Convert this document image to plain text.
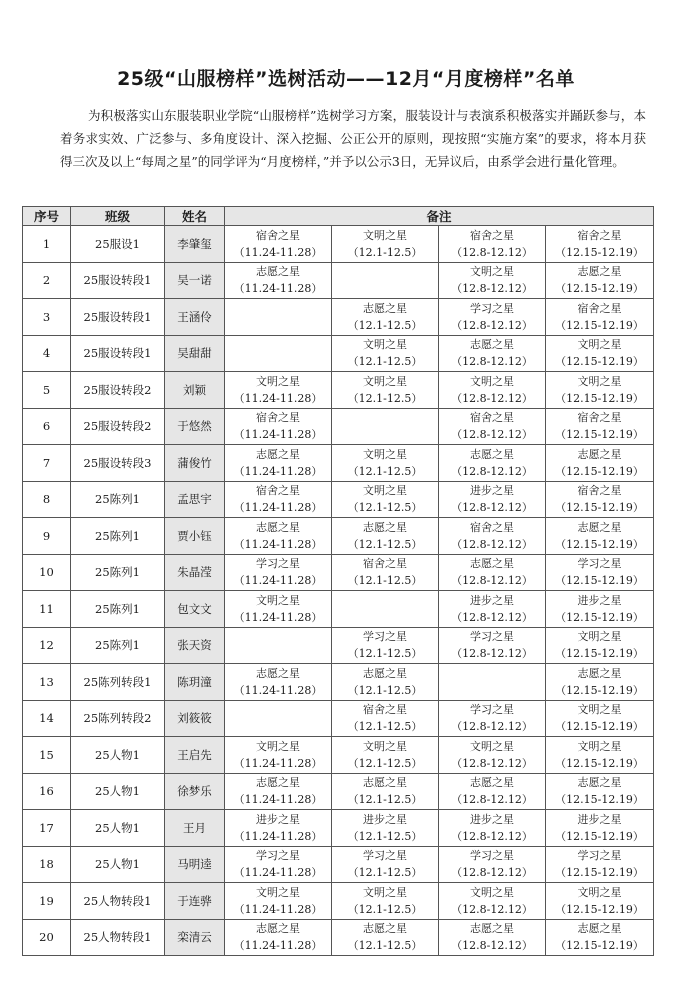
25级“山服榜样”选树活动——12月“月度榜样”名单

为积极落实山东服装职业学院“山服榜样”选树学习方案，服装设计与表演系积极落实并踊跃参与，本着务求实效、广泛参与、多角度设计、深入挖掘、公正公开的原则，现按照“实施方案”的要求，将本月获得三次及以上“每周之星”的同学评为“月度榜样，”并予以公示3日，无异议后，由系学会进行量化管理。

序号	班级	姓名	备注			
1	25服设1	李肇玺	宿舍之星
（11.24-11.28）	文明之星
（12.1-12.5）	宿舍之星
（12.8-12.12）	宿舍之星
（12.15-12.19）

2	25服设转段1	吴一诺	志愿之星
（11.24-11.28）		文明之星
（12.8-12.12）	志愿之星
（12.15-12.19）

3	25服设转段1	王涵伶		志愿之星
（12.1-12.5）	学习之星
（12.8-12.12）	宿舍之星
（12.15-12.19）

4	25服设转段1	吴甜甜		文明之星
（12.1-12.5）	志愿之星
（12.8-12.12）	文明之星
（12.15-12.19）

5	25服设转段2	刘颖	文明之星
（11.24-11.28）	文明之星
（12.1-12.5）	文明之星
（12.8-12.12）	文明之星
（12.15-12.19）

6	25服设转段2	于悠然	宿舍之星
（11.24-11.28）		宿舍之星
（12.8-12.12）	宿舍之星
（12.15-12.19）

7	25服设转段3	蒲俊竹	志愿之星
（11.24-11.28）	文明之星
（12.1-12.5）	志愿之星
（12.8-12.12）	志愿之星
（12.15-12.19）

8	25陈列1	孟思宇	宿舍之星
（11.24-11.28）	文明之星
（12.1-12.5）	进步之星
（12.8-12.12）	宿舍之星
（12.15-12.19）

9	25陈列1	贾小钰	志愿之星
（11.24-11.28）	志愿之星
（12.1-12.5）	宿舍之星
（12.8-12.12）	志愿之星
（12.15-12.19）

10	25陈列1	朱晶滢	学习之星
（11.24-11.28）	宿舍之星
（12.1-12.5）	志愿之星
（12.8-12.12）	学习之星
（12.15-12.19）

11	25陈列1	包文文	文明之星
（11.24-11.28）		进步之星
（12.8-12.12）	进步之星
（12.15-12.19）

12	25陈列1	张天资		学习之星
（12.1-12.5）	学习之星
（12.8-12.12）	文明之星
（12.15-12.19）

13	25陈列转段1	陈玥潼	志愿之星
（11.24-11.28）	志愿之星
（12.1-12.5）		志愿之星
（12.15-12.19）

14	25陈列转段2	刘筱筱		宿舍之星
（12.1-12.5）	学习之星
（12.8-12.12）	文明之星
（12.15-12.19）

15	25人物1	王启先	文明之星
（11.24-11.28）	文明之星
（12.1-12.5）	文明之星
（12.8-12.12）	文明之星
（12.15-12.19）

16	25人物1	徐梦乐	志愿之星
（11.24-11.28）	志愿之星
（12.1-12.5）	志愿之星
（12.8-12.12）	志愿之星
（12.15-12.19）

17	25人物1	王月	进步之星
（11.24-11.28）	进步之星
（12.1-12.5）	进步之星
（12.8-12.12）	进步之星
（12.15-12.19）

18	25人物1	马明逵	学习之星
（11.24-11.28）	学习之星
（12.1-12.5）	学习之星
（12.8-12.12）	学习之星
（12.15-12.19）

19	25人物转段1	于连骅	文明之星
（11.24-11.28）	文明之星
（12.1-12.5）	文明之星
（12.8-12.12）	文明之星
（12.15-12.19）

20	25人物转段1	栾清云	志愿之星
（11.24-11.28）	志愿之星
（12.1-12.5）	志愿之星
（12.8-12.12）	志愿之星
（12.15-12.19）
